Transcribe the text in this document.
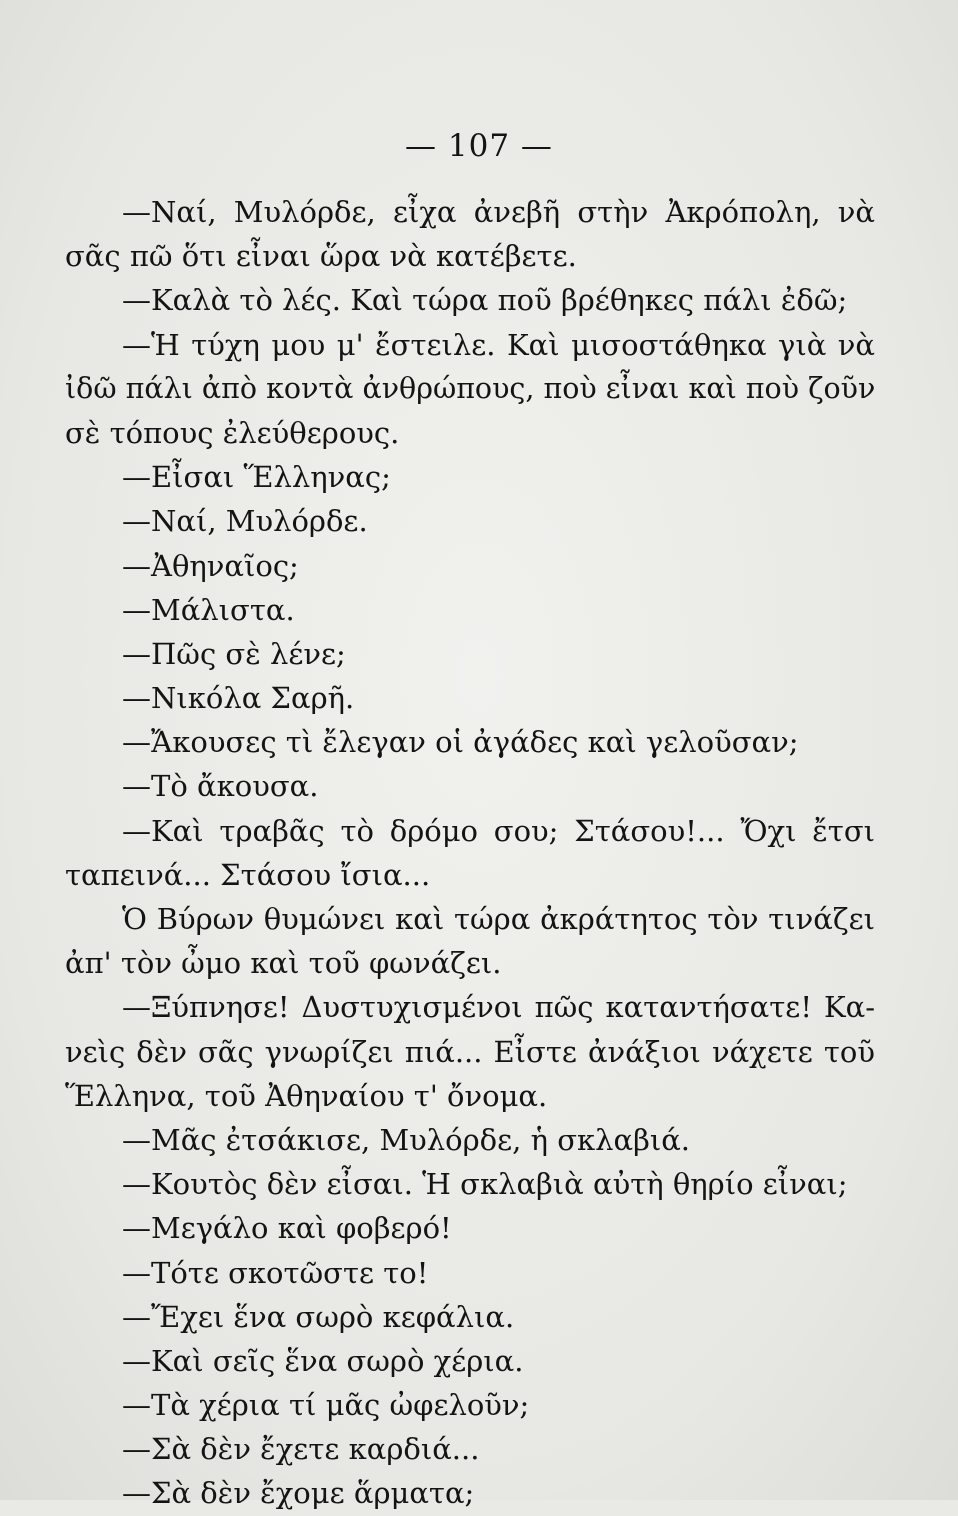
— 107 —
—Ναί, Μυλόρδε, εἶχα ἀνεβῆ στὴν Ἀκρόπολη, νὰ
σᾶς πῶ ὅτι εἶναι ὥρα νὰ κατέβετε.
—Καλὰ τὸ λές. Καὶ τώρα ποῦ βρέθηκες πάλι ἐδῶ;
—Ἡ τύχη μου μ' ἔστειλε. Καὶ μισοστάθηκα γιὰ νὰ
ἰδῶ πάλι ἀπὸ κοντὰ ἀνθρώπους, ποὺ εἶναι καὶ ποὺ ζοῦν
σὲ τόπους ἐλεύθερους.
—Εἶσαι Ἕλληνας;
—Ναί, Μυλόρδε.
—Ἀθηναῖος;
—Μάλιστα.
—Πῶς σὲ λένε;
—Νικόλα Σαρῆ.
—Ἄκουσες τὶ ἔλεγαν οἱ ἀγάδες καὶ γελοῦσαν;
—Τὸ ἄκουσα.
—Καὶ τραβᾶς τὸ δρόμο σου; Στάσου!... Ὄχι ἔτσι
ταπεινά... Στάσου ἴσια...
Ὁ Βύρων θυμώνει καὶ τώρα ἀκράτητος τὸν τινάζει
ἀπ' τὸν ὦμο καὶ τοῦ φωνάζει.
—Ξύπνησε! Δυστυχισμένοι πῶς καταντήσατε! Κα-
νεὶς δὲν σᾶς γνωρίζει πιά... Εἶστε ἀνάξιοι νάχετε τοῦ
Ἕλληνα, τοῦ Ἀθηναίου τ' ὄνομα.
—Μᾶς ἐτσάκισε, Μυλόρδε, ἡ σκλαβιά.
—Κουτὸς δὲν εἶσαι. Ἡ σκλαβιὰ αὐτὴ θηρίο εἶναι;
—Μεγάλο καὶ φοβερό!
—Τότε σκοτῶστε το!
—Ἔχει ἕνα σωρὸ κεφάλια.
—Καὶ σεῖς ἕνα σωρὸ χέρια.
—Τὰ χέρια τί μᾶς ὠφελοῦν;
—Σὰ δὲν ἔχετε καρδιά...
—Σὰ δὲν ἔχομε ἅρματα;
